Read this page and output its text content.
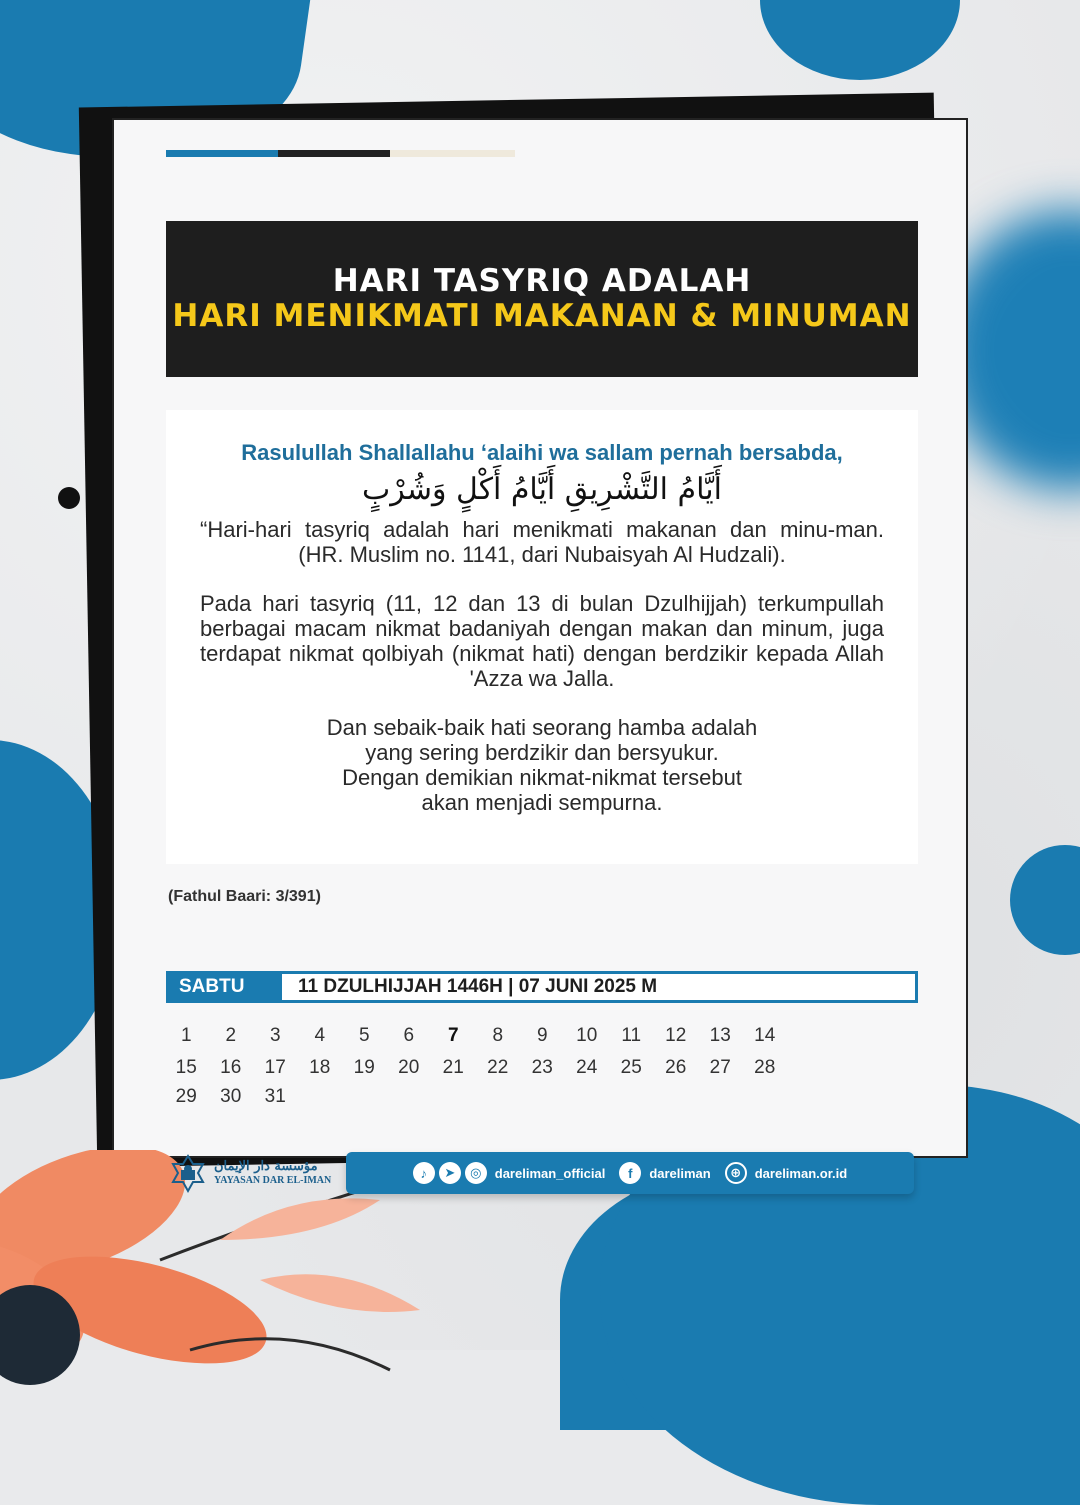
HARI TASYRIQ ADALAH
HARI MENIKMATI MAKANAN & MINUMAN
Rasulullah Shallallahu ‘alaihi wa sallam pernah bersabda,
أَيَّامُ التَّشْرِيقِ أَيَّامُ أَكْلٍ وَشُرْبٍ
“Hari-hari tasyriq adalah hari menikmati makanan dan minu-man. (HR. Muslim no. 1141, dari Nubaisyah Al Hudzali).
Pada hari tasyriq (11, 12 dan 13 di bulan Dzulhijjah) terkumpullah berbagai macam nikmat badaniyah dengan makan dan minum, juga terdapat nikmat qolbiyah (nikmat hati) dengan berdzikir kepada Allah 'Azza wa Jalla.
Dan sebaik-baik hati seorang hamba adalah
yang sering berdzikir dan bersyukur.
Dengan demikian nikmat-nikmat tersebut
akan menjadi sempurna.
(Fathul Baari: 3/391)
SABTU	11 DZULHIJJAH 1446H | 07 JUNI 2025 M
1	2	3	4	5	6	7	8	9	10	11	12	13	14
15	16	17	18	19	20	21	22	23	24	25	26	27	28
29	30	31
مؤسسة دار الإيمان
YAYASAN DAR EL-IMAN	♪	➤	◎	dareliman_official	f	dareliman	⊕	dareliman.or.id
